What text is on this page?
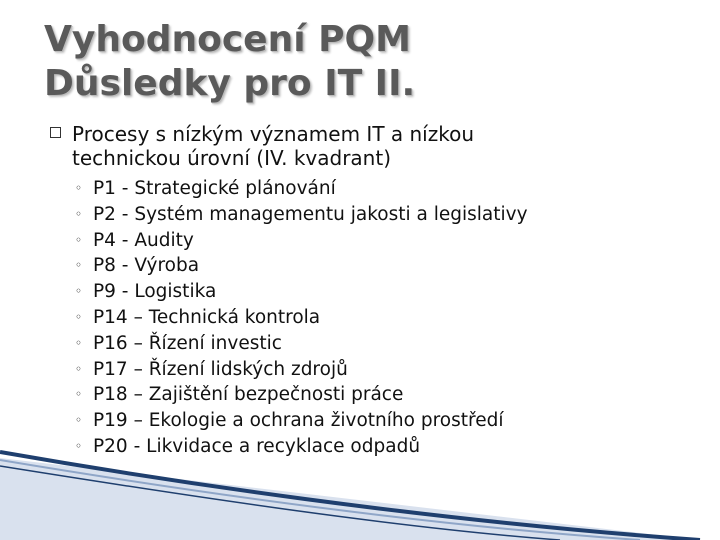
Vyhodnocení PQM
Důsledky pro IT II.
Procesy s nízkým významem IT a nízkou
technickou úrovní (IV. kvadrant)
◦ P1 - Strategické plánování
◦ P2 - Systém managementu jakosti a legislativy
◦ P4 - Audity
◦ P8 - Výroba
◦ P9 - Logistika
◦ P14 – Technická kontrola
◦ P16 – Řízení investic
◦ P17 – Řízení lidských zdrojů
◦ P18 – Zajištění bezpečnosti práce
◦ P19 – Ekologie a ochrana životního prostředí
◦ P20 - Likvidace a recyklace odpadů
